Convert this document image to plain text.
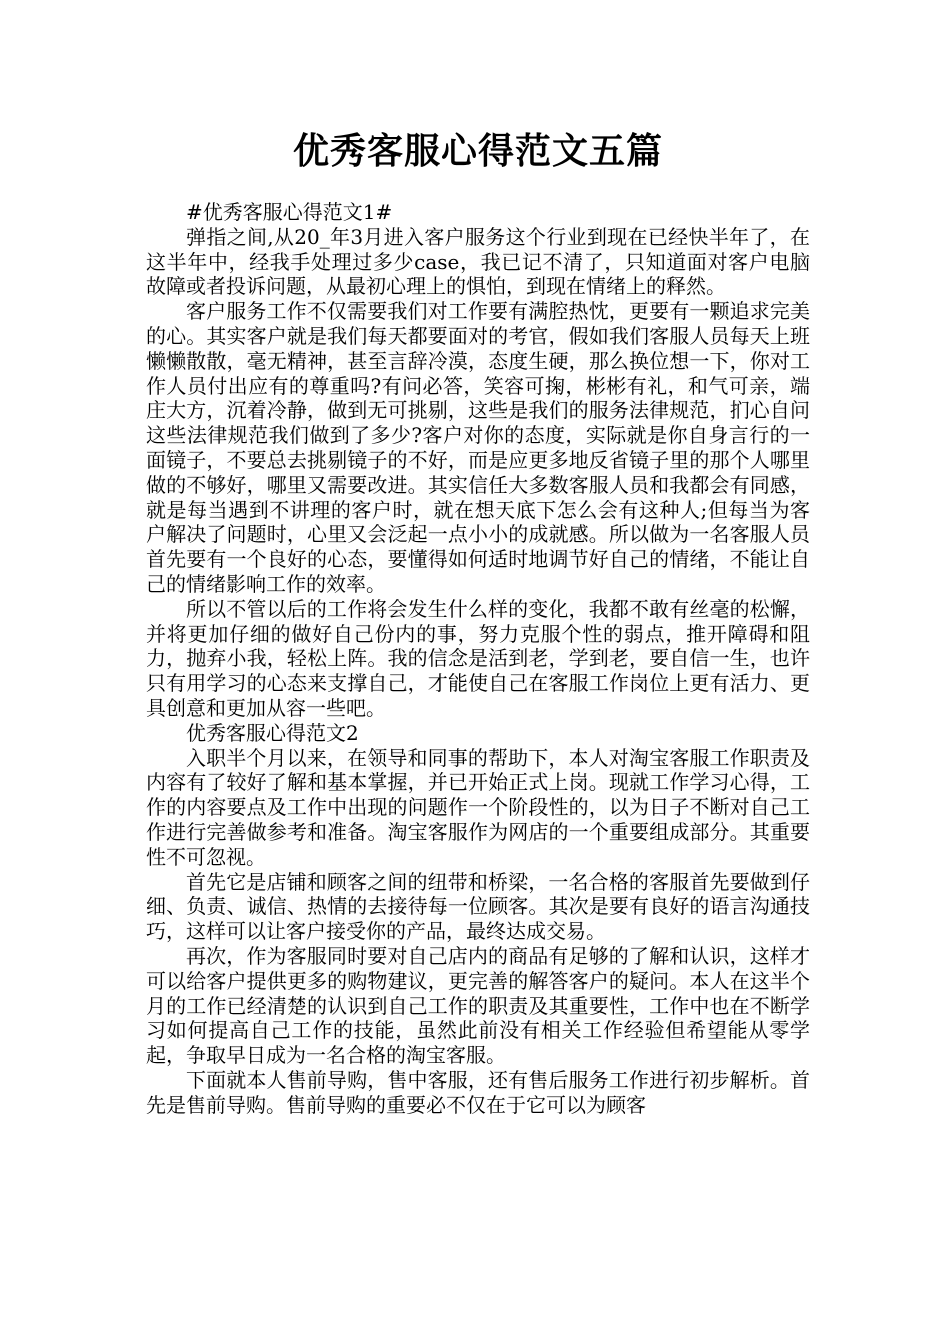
优秀客服心得范文五篇

#优秀客服心得范文1#

弹指之间,从20_年3月进入客户服务这个行业到现在已经快半年了，在这半年中，经我手处理过多少case，我已记不清了，只知道面对客户电脑故障或者投诉问题，从最初心理上的惧怕，到现在情绪上的释然。

客户服务工作不仅需要我们对工作要有满腔热忱，更要有一颗追求完美的心。其实客户就是我们每天都要面对的考官，假如我们客服人员每天上班懒懒散散，毫无精神，甚至言辞冷漠，态度生硬，那么换位想一下，你对工作人员付出应有的尊重吗?有问必答，笑容可掬，彬彬有礼，和气可亲，端庄大方，沉着冷静，做到无可挑剔，这些是我们的服务法律规范，扪心自问这些法律规范我们做到了多少?客户对你的态度，实际就是你自身言行的一面镜子，不要总去挑剔镜子的不好，而是应更多地反省镜子里的那个人哪里做的不够好，哪里又需要改进。其实信任大多数客服人员和我都会有同感，就是每当遇到不讲理的客户时，就在想天底下怎么会有这种人;但每当为客户解决了问题时，心里又会泛起一点小小的成就感。所以做为一名客服人员首先要有一个良好的心态，要懂得如何适时地调节好自己的情绪，不能让自己的情绪影响工作的效率。

所以不管以后的工作将会发生什么样的变化，我都不敢有丝毫的松懈，并将更加仔细的做好自己份内的事，努力克服个性的弱点，推开障碍和阻力，抛弃小我，轻松上阵。我的信念是活到老，学到老，要自信一生，也许只有用学习的心态来支撑自己，才能使自己在客服工作岗位上更有活力、更具创意和更加从容一些吧。

优秀客服心得范文2

入职半个月以来，在领导和同事的帮助下，本人对淘宝客服工作职责及内容有了较好了解和基本掌握，并已开始正式上岗。现就工作学习心得，工作的内容要点及工作中出现的问题作一个阶段性的，以为日子不断对自己工作进行完善做参考和准备。淘宝客服作为网店的一个重要组成部分。其重要性不可忽视。

首先它是店铺和顾客之间的纽带和桥梁，一名合格的客服首先要做到仔细、负责、诚信、热情的去接待每一位顾客。其次是要有良好的语言沟通技巧，这样可以让客户接受你的产品，最终达成交易。

再次，作为客服同时要对自己店内的商品有足够的了解和认识，这样才可以给客户提供更多的购物建议，更完善的解答客户的疑问。本人在这半个月的工作已经清楚的认识到自己工作的职责及其重要性，工作中也在不断学习如何提高自己工作的技能，虽然此前没有相关工作经验但希望能从零学起，争取早日成为一名合格的淘宝客服。

下面就本人售前导购，售中客服，还有售后服务工作进行初步解析。首先是售前导购。售前导购的重要必不仅在于它可以为顾客
